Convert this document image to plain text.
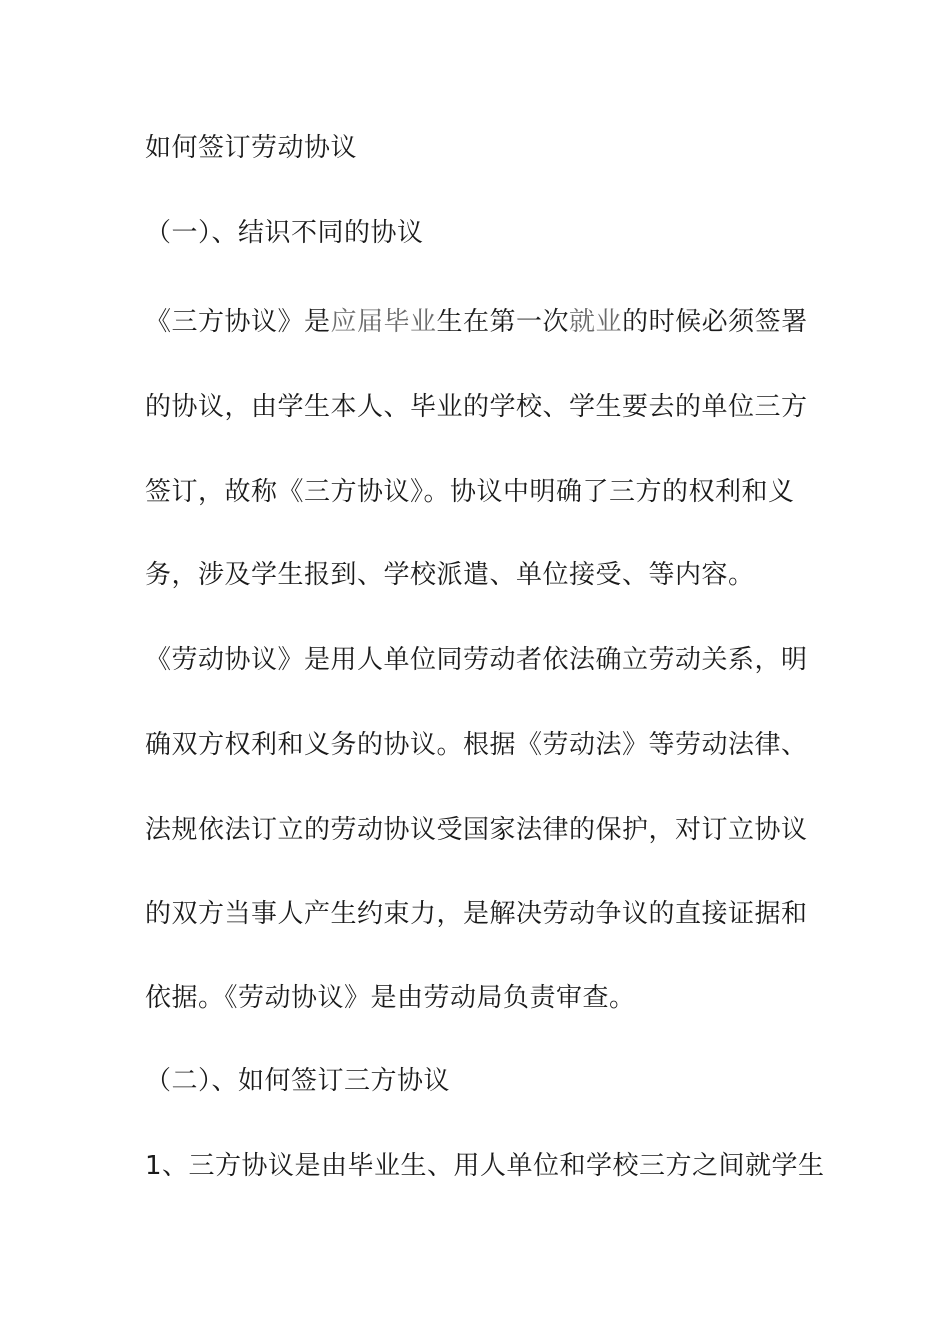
如何签订劳动协议
（一）、结识不同的协议
《三方协议》是应届毕业生在第一次就业的时候必须签署
的协议，由学生本人、毕业的学校、学生要去的单位三方
签订，故称《三方协议》。协议中明确了三方的权利和义
务，涉及学生报到、学校派遣、单位接受、等内容。
《劳动协议》是用人单位同劳动者依法确立劳动关系，明
确双方权利和义务的协议。根据《劳动法》等劳动法律、
法规依法订立的劳动协议受国家法律的保护，对订立协议
的双方当事人产生约束力，是解决劳动争议的直接证据和
依据。《劳动协议》是由劳动局负责审查。
（二）、如何签订三方协议
1、三方协议是由毕业生、用人单位和学校三方之间就学生
